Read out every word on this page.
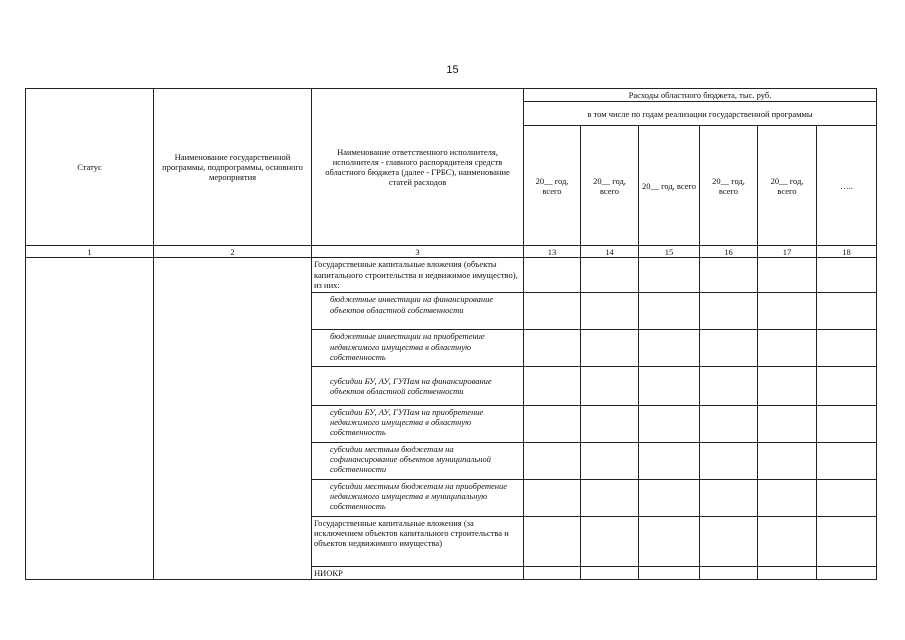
15
Статус	Наименование государственной программы, подпрограммы, основного мероприятия	Наименование ответственного исполнителя, исполнителя - главного распорядителя средств областного бюджета (далее - ГРБС), наименование статей расходов	Расходы областного бюджета, тыс. руб.					
			в том числе по годам реализации государственной программы					
			20__ год, всего	20__ год, всего	20__ год, всего	20__ год, всего	20__ год, всего	…..
1	2	3	13	14	15	16	17	18
		Государственные капитальные вложения (объекты капитального строительства и недвижимое имущество), из них:						
		бюджетные инвестиции на финансирование объектов областной собственности						
		бюджетные инвестиции на приобретение недвижимого имущества в областную собственность						
		субсидии БУ, АУ, ГУПам на финансирование объектов областной собственности						
		субсидии БУ, АУ, ГУПам на приобретение недвижимого имущества в областную собственность						
		субсидии местным бюджетам на софинансирование объектов муниципальной собственности						
		субсидии местным бюджетам на приобретение недвижимого имущества в муниципальную собственность						
		Государственные капитальные вложения (за исключением объектов капитального строительства и объектов недвижимого имущества)						
		НИОКР						
